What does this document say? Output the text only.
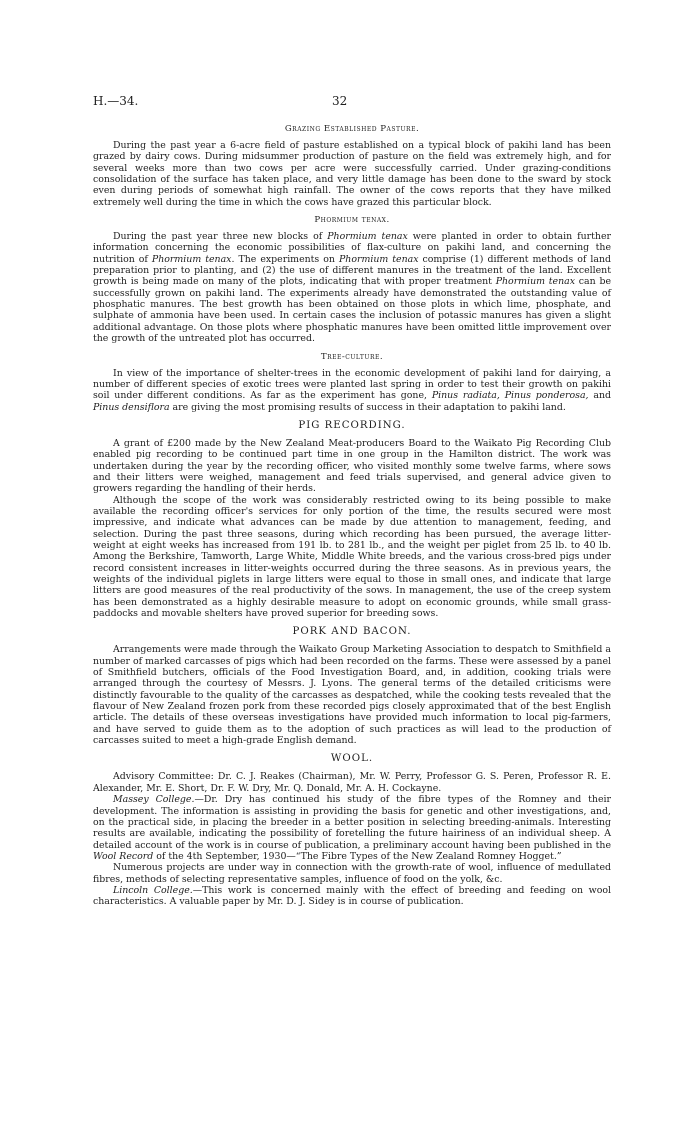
H.—34.	32
Grazing Established Pasture.

During the past year a 6-acre field of pasture established on a typical block of pakihi land has been grazed by dairy cows. During midsummer production of pasture on the field was extremely high, and for several weeks more than two cows per acre were successfully carried. Under grazing-conditions consolidation of the surface has taken place, and very little damage has been done to the sward by stock even during periods of somewhat high rainfall. The owner of the cows reports that they have milked extremely well during the time in which the cows have grazed this particular block.

Phormium tenax.

During the past year three new blocks of Phormium tenax were planted in order to obtain further information concerning the economic possibilities of flax-culture on pakihi land, and concerning the nutrition of Phormium tenax. The experiments on Phormium tenax comprise (1) different methods of land preparation prior to planting, and (2) the use of different manures in the treatment of the land. Excellent growth is being made on many of the plots, indicating that with proper treatment Phormium tenax can be successfully grown on pakihi land. The experiments already have demonstrated the outstanding value of phosphatic manures. The best growth has been obtained on those plots in which lime, phosphate, and sulphate of ammonia have been used. In certain cases the inclusion of potassic manures has given a slight additional advantage. On those plots where phosphatic manures have been omitted little improvement over the growth of the untreated plot has occurred.

Tree-culture.

In view of the importance of shelter-trees in the economic development of pakihi land for dairying, a number of different species of exotic trees were planted last spring in order to test their growth on pakihi soil under different conditions. As far as the experiment has gone, Pinus radiata, Pinus ponderosa, and Pinus densiflora are giving the most promising results of success in their adaptation to pakihi land.

PIG RECORDING.

A grant of £200 made by the New Zealand Meat-producers Board to the Waikato Pig Recording Club enabled pig recording to be continued part time in one group in the Hamilton district. The work was undertaken during the year by the recording officer, who visited monthly some twelve farms, where sows and their litters were weighed, management and feed trials supervised, and general advice given to growers regarding the handling of their herds.

Although the scope of the work was considerably restricted owing to its being possible to make available the recording officer's services for only portion of the time, the results secured were most impressive, and indicate what advances can be made by due attention to management, feeding, and selection. During the past three seasons, during which recording has been pursued, the average litter-weight at eight weeks has increased from 191 lb. to 281 lb., and the weight per piglet from 25 lb. to 40 lb. Among the Berkshire, Tamworth, Large White, Middle White breeds, and the various cross-bred pigs under record consistent increases in litter-weights occurred during the three seasons. As in previous years, the weights of the individual piglets in large litters were equal to those in small ones, and indicate that large litters are good measures of the real productivity of the sows. In management, the use of the creep system has been demonstrated as a highly desirable measure to adopt on economic grounds, while small grass-paddocks and movable shelters have proved superior for breeding sows.

PORK AND BACON.

Arrangements were made through the Waikato Group Marketing Association to despatch to Smithfield a number of marked carcasses of pigs which had been recorded on the farms. These were assessed by a panel of Smithfield butchers, officials of the Food Investigation Board, and, in addition, cooking trials were arranged through the courtesy of Messrs. J. Lyons. The general terms of the detailed criticisms were distinctly favourable to the quality of the carcasses as despatched, while the cooking tests revealed that the flavour of New Zealand frozen pork from these recorded pigs closely approximated that of the best English article. The details of these overseas investigations have provided much information to local pig-farmers, and have served to guide them as to the adoption of such practices as will lead to the production of carcasses suited to meet a high-grade English demand.

WOOL.

Advisory Committee: Dr. C. J. Reakes (Chairman), Mr. W. Perry, Professor G. S. Peren, Professor R. E. Alexander, Mr. E. Short, Dr. F. W. Dry, Mr. Q. Donald, Mr. A. H. Cockayne.

Massey College.—Dr. Dry has continued his study of the fibre types of the Romney and their development. The information is assisting in providing the basis for genetic and other investigations, and, on the practical side, in placing the breeder in a better position in selecting breeding-animals. Interesting results are available, indicating the possibility of foretelling the future hairiness of an individual sheep. A detailed account of the work is in course of publication, a preliminary account having been published in the Wool Record of the 4th September, 1930—“The Fibre Types of the New Zealand Romney Hogget.”

Numerous projects are under way in connection with the growth-rate of wool, influence of medullated fibres, methods of selecting representative samples, influence of food on the yolk, &c.

Lincoln College.—This work is concerned mainly with the effect of breeding and feeding on wool characteristics. A valuable paper by Mr. D. J. Sidey is in course of publication.
